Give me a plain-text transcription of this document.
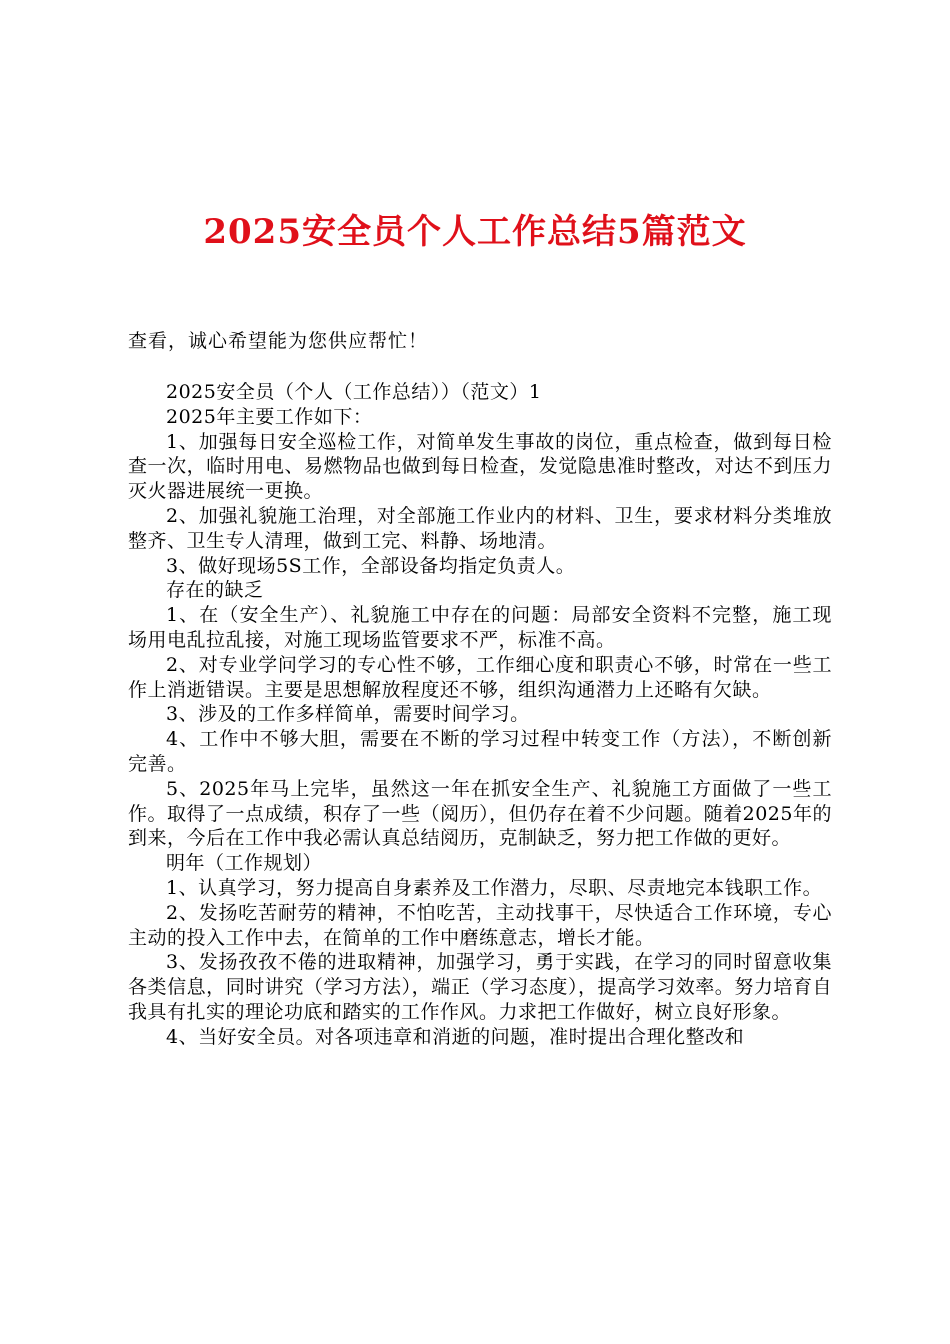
2025安全员个人工作总结5篇范文
查看，诚心希望能为您供应帮忙！

2025安全员（个人（工作总结））（范文）1

2025年主要工作如下：

1、加强每日安全巡检工作，对简单发生事故的岗位，重点检查，做到每日检查一次，临时用电、易燃物品也做到每日检查，发觉隐患准时整改，对达不到压力灭火器进展统一更换。

2、加强礼貌施工治理，对全部施工作业内的材料、卫生，要求材料分类堆放整齐、卫生专人清理，做到工完、料静、场地清。

3、做好现场5S工作，全部设备均指定负责人。

存在的缺乏

1、在（安全生产）、礼貌施工中存在的问题：局部安全资料不完整，施工现场用电乱拉乱接，对施工现场监管要求不严，标准不高。

2、对专业学问学习的专心性不够，工作细心度和职责心不够，时常在一些工作上消逝错误。主要是思想解放程度还不够，组织沟通潜力上还略有欠缺。

3、涉及的工作多样简单，需要时间学习。

4、工作中不够大胆，需要在不断的学习过程中转变工作（方法），不断创新完善。

5、2025年马上完毕，虽然这一年在抓安全生产、礼貌施工方面做了一些工作。取得了一点成绩，积存了一些（阅历），但仍存在着不少问题。随着2025年的到来，今后在工作中我必需认真总结阅历，克制缺乏，努力把工作做的更好。

明年（工作规划）

1、认真学习，努力提高自身素养及工作潜力，尽职、尽责地完本钱职工作。

2、发扬吃苦耐劳的精神，不怕吃苦，主动找事干，尽快适合工作环境，专心主动的投入工作中去，在简单的工作中磨练意志，增长才能。

3、发扬孜孜不倦的进取精神，加强学习，勇于实践，在学习的同时留意收集各类信息，同时讲究（学习方法），端正（学习态度），提高学习效率。努力培育自我具有扎实的理论功底和踏实的工作作风。力求把工作做好，树立良好形象。

4、当好安全员。对各项违章和消逝的问题，准时提出合理化整改和
